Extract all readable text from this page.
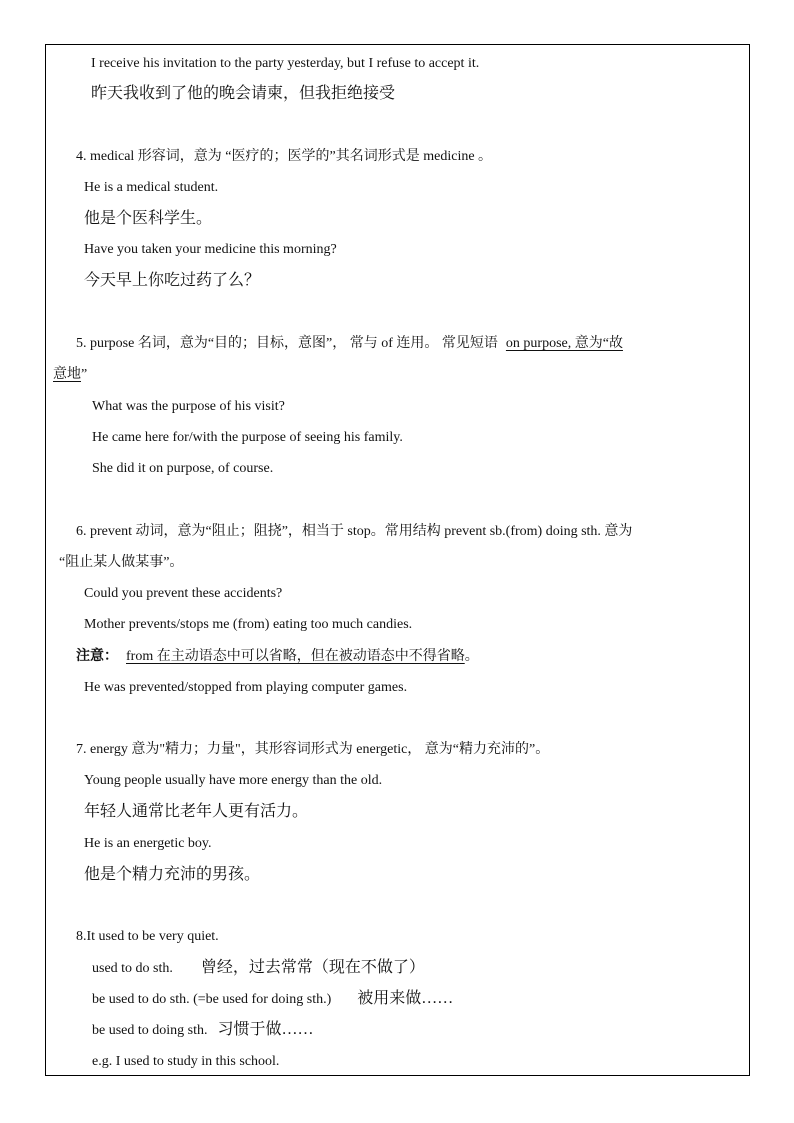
I receive his invitation to the party yesterday, but I refuse to accept it.
昨天我收到了他的晚会请柬，但我拒绝接受
4. medical 形容词，意为 “医疗的；医学的”其名词形式是 medicine 。
He is a medical student.
他是个医科学生。
Have you taken your medicine this morning?
今天早上你吃过药了么？
5. purpose 名词，意为“目的；目标，意图”， 常与 of 连用。 常见短语 on purpose, 意为“故
意地”
What was the purpose of his visit?
He came here for/with the purpose of seeing his family.
She did it on purpose, of course.
6. prevent 动词，意为“阻止；阻挠”，相当于 stop。常用结构 prevent sb.(from) doing sth. 意为
“阻止某人做某事”。
Could you prevent these accidents?
Mother prevents/stops me (from) eating too much candies.
注意： from 在主动语态中可以省略，但在被动语态中不得省略。
He was prevented/stopped from playing computer games.
7. energy 意为"精力；力量"，其形容词形式为 energetic， 意为“精力充沛的”。
Young people usually have more energy than the old.
年轻人通常比老年人更有活力。
He is an energetic boy.
他是个精力充沛的男孩。
8.It used to be very quiet.
used to do sth. 曾经，过去常常（现在不做了）
be used to do sth. (=be used for doing sth.) 被用来做……
be used to doing sth. 习惯于做……
e.g. I used to study in this school.
